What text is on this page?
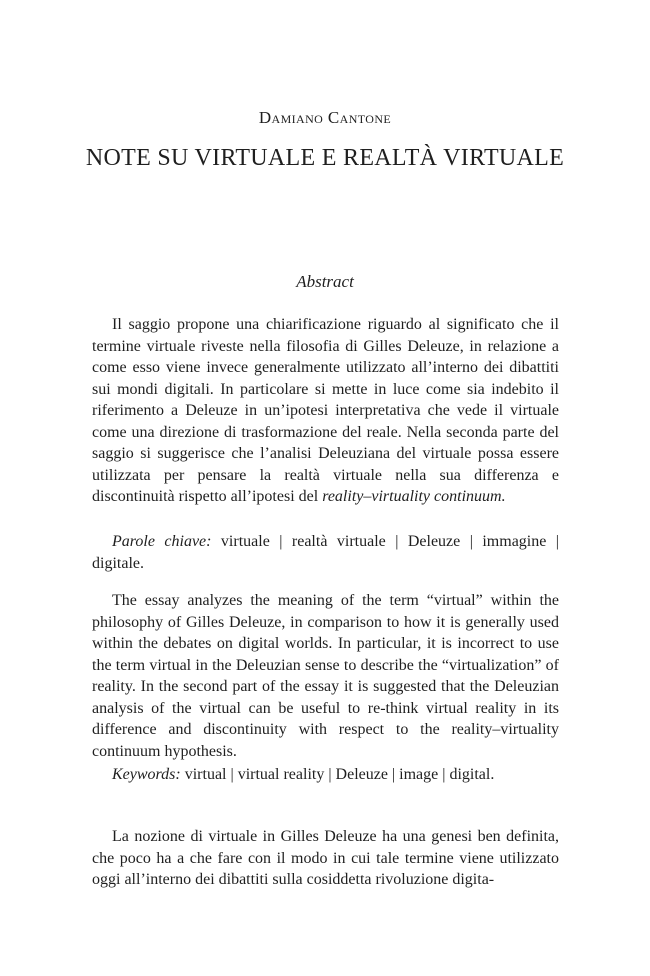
Damiano Cantone
NOTE SU VIRTUALE E REALTÀ VIRTUALE
Abstract

Il saggio propone una chiarificazione riguardo al significato che il termine virtuale riveste nella filosofia di Gilles Deleuze, in relazione a come esso viene invece generalmente utilizzato all’interno dei dibattiti sui mondi digitali. In particolare si mette in luce come sia indebito il riferimento a Deleuze in un’ipotesi interpretativa che vede il virtuale come una direzione di trasformazione del reale. Nella seconda parte del saggio si suggerisce che l’analisi Deleuziana del virtuale possa essere utilizzata per pensare la realtà virtuale nella sua differenza e discontinuità rispetto all’ipotesi del reality–virtuality continuum.

Parole chiave: virtuale | realtà virtuale | Deleuze | immagine | digitale.

The essay analyzes the meaning of the term “virtual” within the philosophy of Gilles Deleuze, in comparison to how it is generally used within the debates on digital worlds. In particular, it is incorrect to use the term virtual in the Deleuzian sense to describe the “virtualization” of reality. In the second part of the essay it is suggested that the Deleuzian analysis of the virtual can be useful to re-think virtual reality in its difference and discontinuity with respect to the reality–virtuality continuum hypothesis.

Keywords: virtual | virtual reality | Deleuze | image | digital.

La nozione di virtuale in Gilles Deleuze ha una genesi ben definita, che poco ha a che fare con il modo in cui tale termine viene utilizzato oggi all’interno dei dibattiti sulla cosiddetta rivoluzione digita-
